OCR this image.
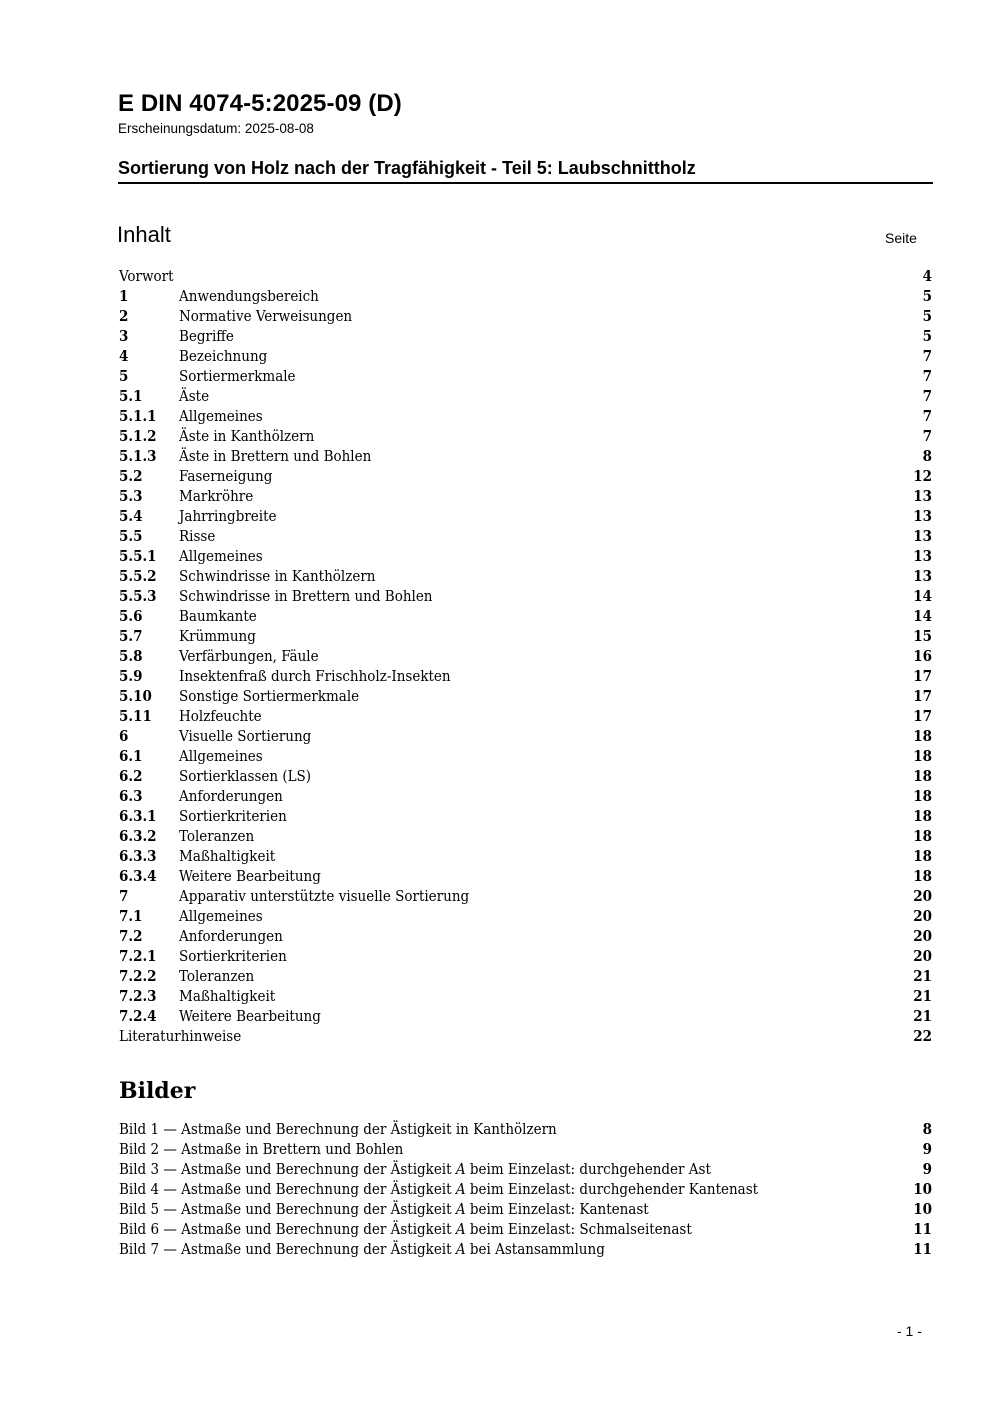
E DIN 4074-5:2025-09 (D)
Erscheinungsdatum: 2025-08-08
Sortierung von Holz nach der Tragfähigkeit - Teil 5: Laubschnittholz
Inhalt	Seite
Vorwort	4
1	Anwendungsbereich	5
2	Normative Verweisungen	5
3	Begriffe	5
4	Bezeichnung	7
5	Sortiermerkmale	7
5.1	Äste	7
5.1.1	Allgemeines	7
5.1.2	Äste in Kanthölzern	7
5.1.3	Äste in Brettern und Bohlen	8
5.2	Faserneigung	12
5.3	Markröhre	13
5.4	Jahrringbreite	13
5.5	Risse	13
5.5.1	Allgemeines	13
5.5.2	Schwindrisse in Kanthölzern	13
5.5.3	Schwindrisse in Brettern und Bohlen	14
5.6	Baumkante	14
5.7	Krümmung	15
5.8	Verfärbungen, Fäule	16
5.9	Insektenfraß durch Frischholz-Insekten	17
5.10	Sonstige Sortiermerkmale	17
5.11	Holzfeuchte	17
6	Visuelle Sortierung	18
6.1	Allgemeines	18
6.2	Sortierklassen (LS)	18
6.3	Anforderungen	18
6.3.1	Sortierkriterien	18
6.3.2	Toleranzen	18
6.3.3	Maßhaltigkeit	18
6.3.4	Weitere Bearbeitung	18
7	Apparativ unterstützte visuelle Sortierung	20
7.1	Allgemeines	20
7.2	Anforderungen	20
7.2.1	Sortierkriterien	20
7.2.2	Toleranzen	21
7.2.3	Maßhaltigkeit	21
7.2.4	Weitere Bearbeitung	21
Literaturhinweise	22
Bilder
Bild 1 — Astmaße und Berechnung der Ästigkeit in Kanthölzern	8
Bild 2 — Astmaße in Brettern und Bohlen	9
Bild 3 — Astmaße und Berechnung der Ästigkeit A beim Einzelast: durchgehender Ast	9
Bild 4 — Astmaße und Berechnung der Ästigkeit A beim Einzelast: durchgehender Kantenast	10
Bild 5 — Astmaße und Berechnung der Ästigkeit A beim Einzelast: Kantenast	10
Bild 6 — Astmaße und Berechnung der Ästigkeit A beim Einzelast: Schmalseitenast	11
Bild 7 — Astmaße und Berechnung der Ästigkeit A bei Astansammlung	11
- 1 -
